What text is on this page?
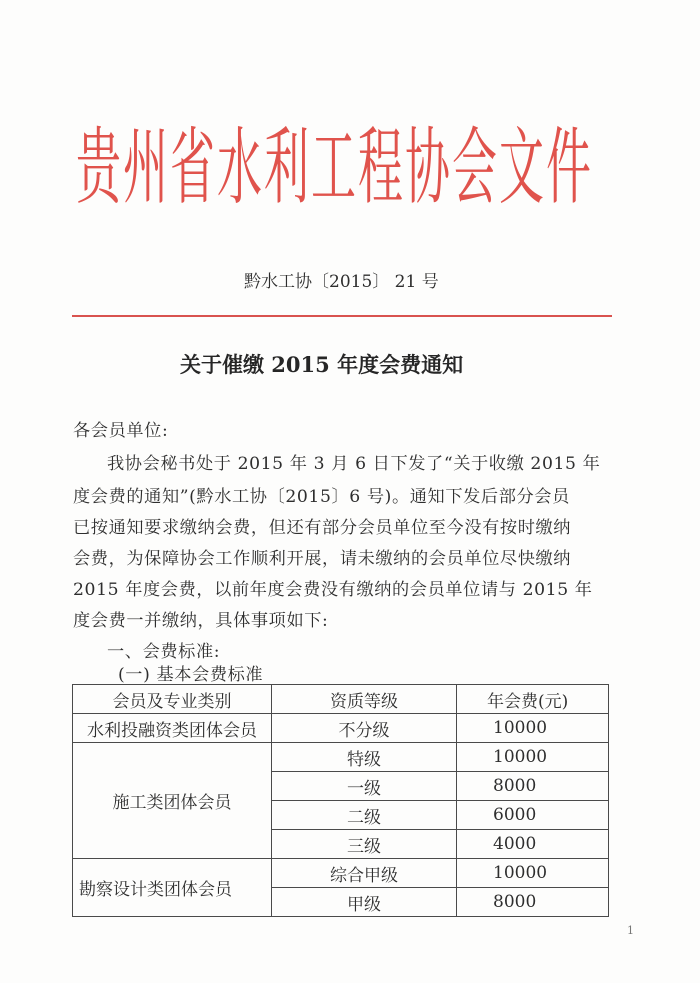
贵州省水利工程协会文件
黔水工协〔2015〕 21 号
关于催缴 2015 年度会费通知
各会员单位:
我协会秘书处于 2015 年 3 月 6 日下发了“关于收缴 2015 年
度会费的通知”(黔水工协〔2015〕6 号)。通知下发后部分会员
已按通知要求缴纳会费，但还有部分会员单位至今没有按时缴纳
会费，为保障协会工作顺利开展，请未缴纳的会员单位尽快缴纳
2015 年度会费，以前年度会费没有缴纳的会员单位请与 2015 年
度会费一并缴纳，具体事项如下:
一、会费标准:
(一) 基本会费标准
会员及专业类别	资质等级	年会费(元)
水利投融资类团体会员	不分级	10000
施工类团体会员	特级	10000
	一级	8000
	二级	6000
	三级	4000
勘察设计类团体会员	综合甲级	10000
	甲级	8000
1
